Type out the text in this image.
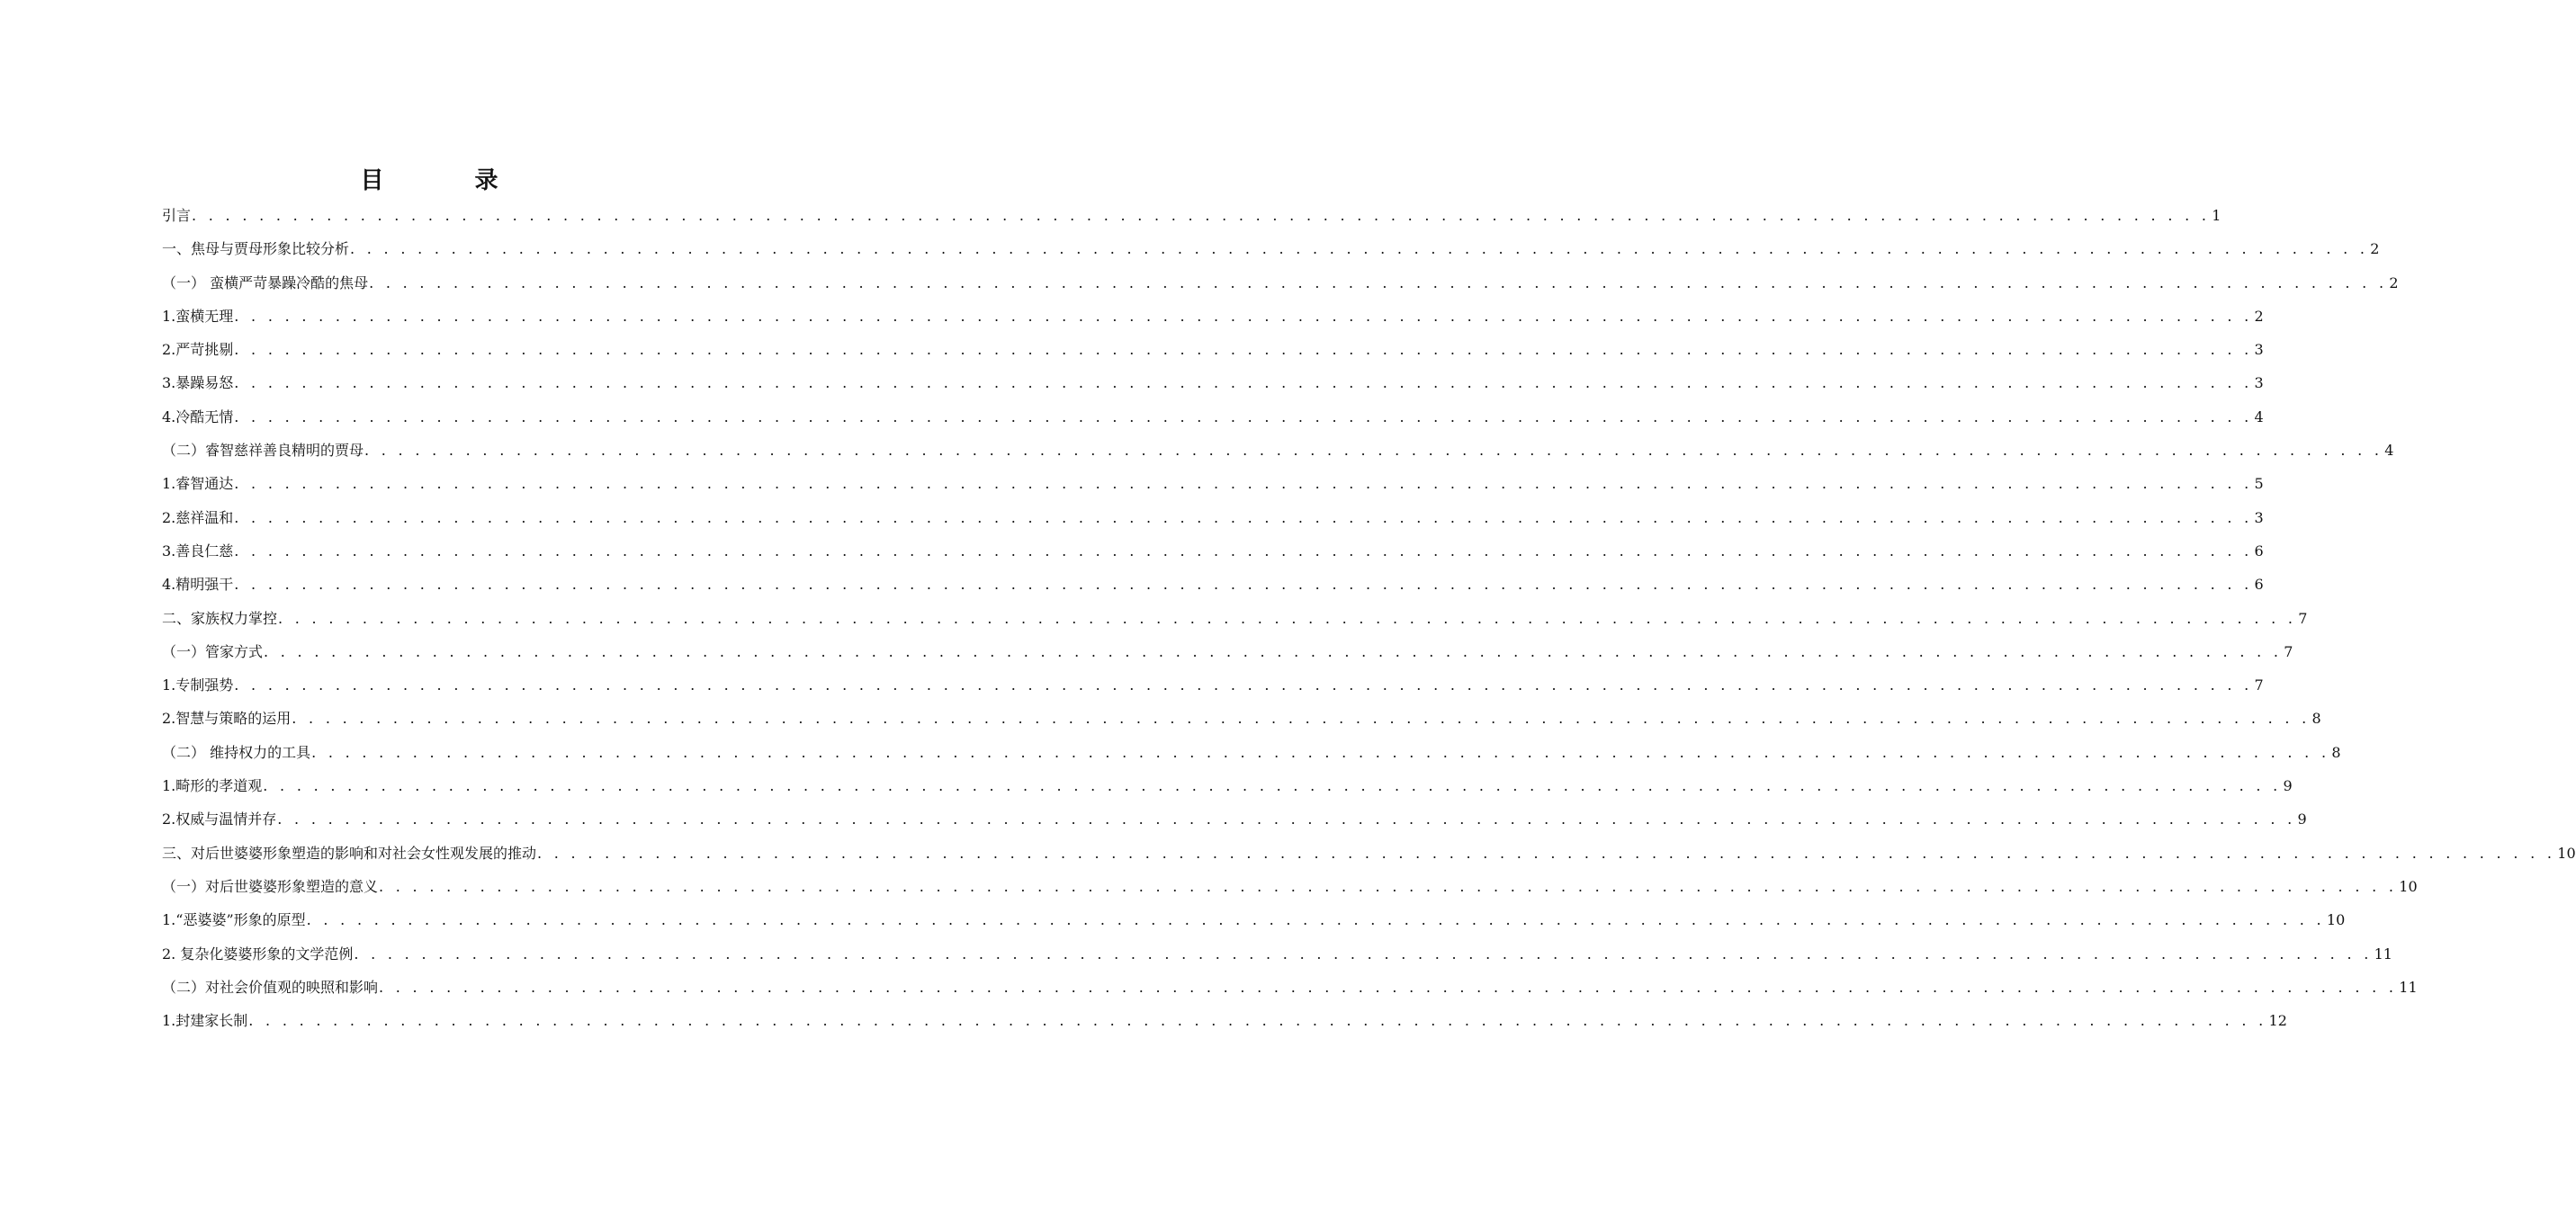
目 录
引言 . . . . . . . . . . . . . . . . . . . . . . . . . . . . . . . . . . . . . . . . . . . . . . . . . . . . . . . . . . . . . . . . . . . . . . . . . . . . . . . . . . . . . . . . . . . . . . . . . . . . . . . . . . . . . . . . . . . . . . . . 1
一、焦母与贾母形象比较分析 . . . . . . . . . . . . . . . . . . . . . . . . . . . . . . . . . . . . . . . . . . . . . . . . . . . . . . . . . . . . . . . . . . . . . . . . . . . . . . . . . . . . . . . . . . . . . . . . . . . . . . . . . . . . . . . . . . . . . . . . 2
（一） 蛮横严苛暴躁冷酷的焦母 . . . . . . . . . . . . . . . . . . . . . . . . . . . . . . . . . . . . . . . . . . . . . . . . . . . . . . . . . . . . . . . . . . . . . . . . . . . . . . . . . . . . . . . . . . . . . . . . . . . . . . . . . . . . . . . . . . . . . . . . 2
1.蛮横无理 . . . . . . . . . . . . . . . . . . . . . . . . . . . . . . . . . . . . . . . . . . . . . . . . . . . . . . . . . . . . . . . . . . . . . . . . . . . . . . . . . . . . . . . . . . . . . . . . . . . . . . . . . . . . . . . . . . . . . . . . 2
2.严苛挑剔 . . . . . . . . . . . . . . . . . . . . . . . . . . . . . . . . . . . . . . . . . . . . . . . . . . . . . . . . . . . . . . . . . . . . . . . . . . . . . . . . . . . . . . . . . . . . . . . . . . . . . . . . . . . . . . . . . . . . . . . . 3
3.暴躁易怒 . . . . . . . . . . . . . . . . . . . . . . . . . . . . . . . . . . . . . . . . . . . . . . . . . . . . . . . . . . . . . . . . . . . . . . . . . . . . . . . . . . . . . . . . . . . . . . . . . . . . . . . . . . . . . . . . . . . . . . . . 3
4.冷酷无情 . . . . . . . . . . . . . . . . . . . . . . . . . . . . . . . . . . . . . . . . . . . . . . . . . . . . . . . . . . . . . . . . . . . . . . . . . . . . . . . . . . . . . . . . . . . . . . . . . . . . . . . . . . . . . . . . . . . . . . . . 4
（二）睿智慈祥善良精明的贾母 . . . . . . . . . . . . . . . . . . . . . . . . . . . . . . . . . . . . . . . . . . . . . . . . . . . . . . . . . . . . . . . . . . . . . . . . . . . . . . . . . . . . . . . . . . . . . . . . . . . . . . . . . . . . . . . . . . . . . . . . 4
1.睿智通达 . . . . . . . . . . . . . . . . . . . . . . . . . . . . . . . . . . . . . . . . . . . . . . . . . . . . . . . . . . . . . . . . . . . . . . . . . . . . . . . . . . . . . . . . . . . . . . . . . . . . . . . . . . . . . . . . . . . . . . . . 5
2.慈祥温和 . . . . . . . . . . . . . . . . . . . . . . . . . . . . . . . . . . . . . . . . . . . . . . . . . . . . . . . . . . . . . . . . . . . . . . . . . . . . . . . . . . . . . . . . . . . . . . . . . . . . . . . . . . . . . . . . . . . . . . . . 3
3.善良仁慈 . . . . . . . . . . . . . . . . . . . . . . . . . . . . . . . . . . . . . . . . . . . . . . . . . . . . . . . . . . . . . . . . . . . . . . . . . . . . . . . . . . . . . . . . . . . . . . . . . . . . . . . . . . . . . . . . . . . . . . . . 6
4.精明强干 . . . . . . . . . . . . . . . . . . . . . . . . . . . . . . . . . . . . . . . . . . . . . . . . . . . . . . . . . . . . . . . . . . . . . . . . . . . . . . . . . . . . . . . . . . . . . . . . . . . . . . . . . . . . . . . . . . . . . . . . 6
二、家族权力掌控 . . . . . . . . . . . . . . . . . . . . . . . . . . . . . . . . . . . . . . . . . . . . . . . . . . . . . . . . . . . . . . . . . . . . . . . . . . . . . . . . . . . . . . . . . . . . . . . . . . . . . . . . . . . . . . . . . . . . . . . . 7
（一）管家方式 . . . . . . . . . . . . . . . . . . . . . . . . . . . . . . . . . . . . . . . . . . . . . . . . . . . . . . . . . . . . . . . . . . . . . . . . . . . . . . . . . . . . . . . . . . . . . . . . . . . . . . . . . . . . . . . . . . . . . . . . 7
1.专制强势 . . . . . . . . . . . . . . . . . . . . . . . . . . . . . . . . . . . . . . . . . . . . . . . . . . . . . . . . . . . . . . . . . . . . . . . . . . . . . . . . . . . . . . . . . . . . . . . . . . . . . . . . . . . . . . . . . . . . . . . . 7
2.智慧与策略的运用 . . . . . . . . . . . . . . . . . . . . . . . . . . . . . . . . . . . . . . . . . . . . . . . . . . . . . . . . . . . . . . . . . . . . . . . . . . . . . . . . . . . . . . . . . . . . . . . . . . . . . . . . . . . . . . . . . . . . . . . . 8
（二） 维持权力的工具 . . . . . . . . . . . . . . . . . . . . . . . . . . . . . . . . . . . . . . . . . . . . . . . . . . . . . . . . . . . . . . . . . . . . . . . . . . . . . . . . . . . . . . . . . . . . . . . . . . . . . . . . . . . . . . . . . . . . . . . . 8
1.畸形的孝道观 . . . . . . . . . . . . . . . . . . . . . . . . . . . . . . . . . . . . . . . . . . . . . . . . . . . . . . . . . . . . . . . . . . . . . . . . . . . . . . . . . . . . . . . . . . . . . . . . . . . . . . . . . . . . . . . . . . . . . . . . 9
2.权威与温情并存 . . . . . . . . . . . . . . . . . . . . . . . . . . . . . . . . . . . . . . . . . . . . . . . . . . . . . . . . . . . . . . . . . . . . . . . . . . . . . . . . . . . . . . . . . . . . . . . . . . . . . . . . . . . . . . . . . . . . . . . . 9
三、对后世婆婆形象塑造的影响和对社会女性观发展的推动 . . . . . . . . . . . . . . . . . . . . . . . . . . . . . . . . . . . . . . . . . . . . . . . . . . . . . . . . . . . . . . . . . . . . . . . . . . . . . . . . . . . . . . . . . . . . . . . . . . . . . . . . . . . . . . . . . . . . . . . . 10
（一）对后世婆婆形象塑造的意义 . . . . . . . . . . . . . . . . . . . . . . . . . . . . . . . . . . . . . . . . . . . . . . . . . . . . . . . . . . . . . . . . . . . . . . . . . . . . . . . . . . . . . . . . . . . . . . . . . . . . . . . . . . . . . . . . . . . . . . . . 10
1.“恶婆婆”形象的原型 . . . . . . . . . . . . . . . . . . . . . . . . . . . . . . . . . . . . . . . . . . . . . . . . . . . . . . . . . . . . . . . . . . . . . . . . . . . . . . . . . . . . . . . . . . . . . . . . . . . . . . . . . . . . . . . . . . . . . . . . 10
2. 复杂化婆婆形象的文学范例 . . . . . . . . . . . . . . . . . . . . . . . . . . . . . . . . . . . . . . . . . . . . . . . . . . . . . . . . . . . . . . . . . . . . . . . . . . . . . . . . . . . . . . . . . . . . . . . . . . . . . . . . . . . . . . . . . . . . . . . . 11
（二）对社会价值观的映照和影响 . . . . . . . . . . . . . . . . . . . . . . . . . . . . . . . . . . . . . . . . . . . . . . . . . . . . . . . . . . . . . . . . . . . . . . . . . . . . . . . . . . . . . . . . . . . . . . . . . . . . . . . . . . . . . . . . . . . . . . . . 11
1.封建家长制 . . . . . . . . . . . . . . . . . . . . . . . . . . . . . . . . . . . . . . . . . . . . . . . . . . . . . . . . . . . . . . . . . . . . . . . . . . . . . . . . . . . . . . . . . . . . . . . . . . . . . . . . . . . . . . . . . . . . . . . . 12
